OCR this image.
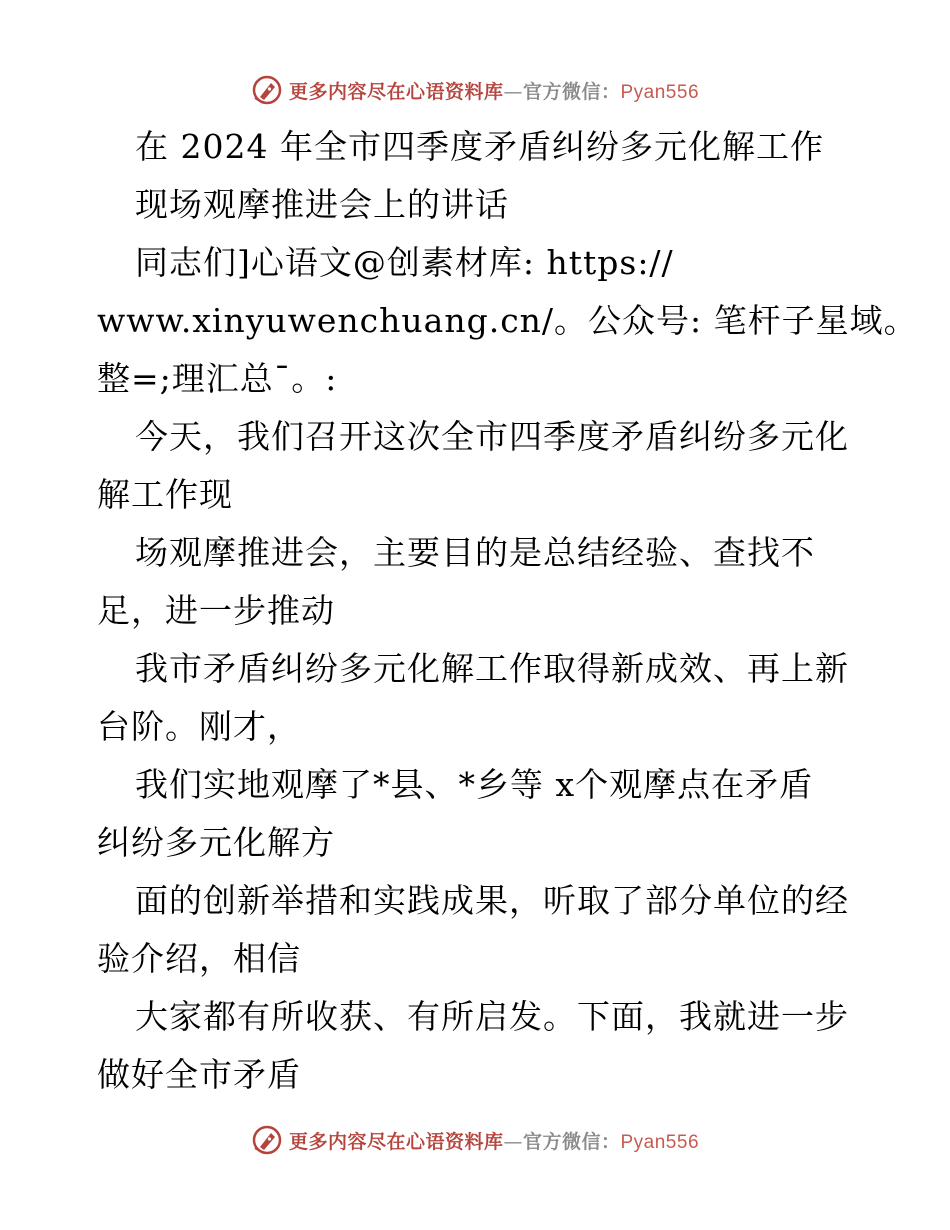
更多内容尽在心语资料库—官方微信：Pyan556
在 2024 年全市四季度矛盾纠纷多元化解工作
现场观摩推进会上的讲话
同志们]心语文@创素材库: https://
www.xinyuwenchuang.cn/。公众号: 笔杆子星域。
整=;理汇总¯。:
今天，我们召开这次全市四季度矛盾纠纷多元化
解工作现
场观摩推进会，主要目的是总结经验、查找不
足，进一步推动
我市矛盾纠纷多元化解工作取得新成效、再上新
台阶。刚才，
我们实地观摩了*县、*乡等 x个观摩点在矛盾
纠纷多元化解方
面的创新举措和实践成果，听取了部分单位的经
验介绍，相信
大家都有所收获、有所启发。下面，我就进一步
做好全市矛盾
更多内容尽在心语资料库—官方微信：Pyan556
